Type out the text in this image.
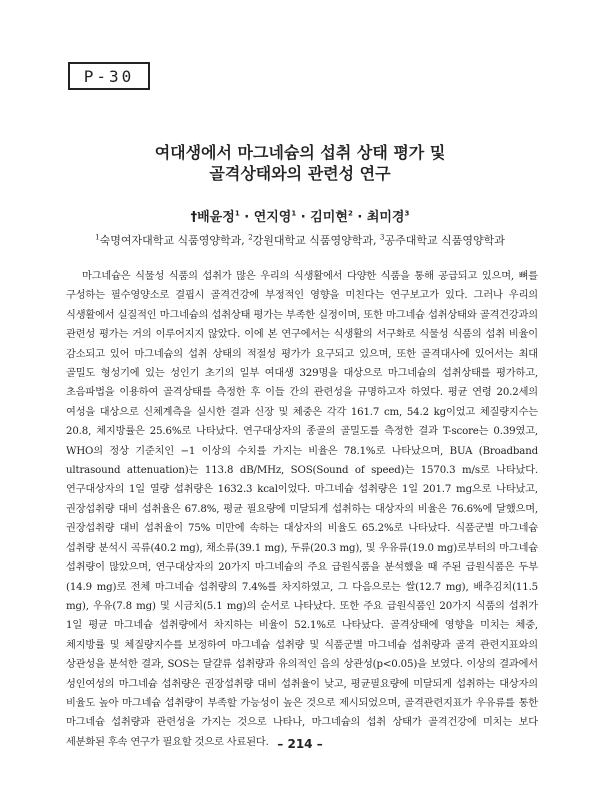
P-30
여대생에서 마그네슘의 섭취 상태 평가 및
골격상태와의 관련성 연구
†배윤정$^1$ · 연지영$^1$ · 김미현$^2$ · 최미경$^3$
$^1$숙명여자대학교 식품영양학과, $^2$강원대학교 식품영양학과, $^3$공주대학교 식품영양학과
마그네슘은 식물성 식품의 섭취가 많은 우리의 식생활에서 다양한 식품을 통해 공급되고 있으며, 뼈를 구성하는 필수영양소로 결핍시 골격건강에 부정적인 영향을 미친다는 연구보고가 있다. 그러나 우리의 식생활에서 실질적인 마그네슘의 섭취상태 평가는 부족한 실정이며, 또한 마그네슘 섭취상태와 골격건강과의 관련성 평가는 거의 이루어지지 않았다. 이에 본 연구에서는 식생활의 서구화로 식물성 식품의 섭취 비율이 감소되고 있어 마그네슘의 섭취 상태의 적절성 평가가 요구되고 있으며, 또한 골격대사에 있어서는 최대 골밀도 형성기에 있는 성인기 초기의 일부 여대생 329명을 대상으로 마그네슘의 섭취상태를 평가하고, 초음파법을 이용하여 골격상태를 측정한 후 이들 간의 관련성을 규명하고자 하였다. 평균 연령 20.2세의 여성을 대상으로 신체계측을 실시한 결과 신장 및 체중은 각각 161.7 cm, 54.2 kg이었고 체질량지수는 20.8, 체지방률은 25.6%로 나타났다. 연구대상자의 종골의 골밀도를 측정한 결과 T-score는 0.39였고, WHO의 정상 기준치인 −1 이상의 수치를 가지는 비율은 78.1%로 나타났으며, BUA (Broadband ultrasound attenuation)는 113.8 dB/MHz, SOS(Sound of speed)는 1570.3 m/s로 나타났다. 연구대상자의 1일 열량 섭취량은 1632.3 kcal이었다. 마그네슘 섭취량은 1일 201.7 mg으로 나타났고, 권장섭취량 대비 섭취율은 67.8%, 평균 필요량에 미달되게 섭취하는 대상자의 비율은 76.6%에 달했으며, 권장섭취량 대비 섭취율이 75% 미만에 속하는 대상자의 비율도 65.2%로 나타났다. 식품군별 마그네슘 섭취량 분석시 곡류(40.2 mg), 채소류(39.1 mg), 두류(20.3 mg), 및 우유류(19.0 mg)로부터의 마그네슘 섭취량이 많았으며, 연구대상자의 20가지 마그네슘의 주요 급원식품을 분석했을 때 주된 급원식품은 두부(14.9 mg)로 전체 마그네슘 섭취량의 7.4%를 차지하였고, 그 다음으로는 쌀(12.7 mg), 배추김치(11.5 mg), 우유(7.8 mg) 및 시금치(5.1 mg)의 순서로 나타났다. 또한 주요 급원식품인 20가지 식품의 섭취가 1일 평균 마그네슘 섭취량에서 차지하는 비율이 52.1%로 나타났다. 골격상태에 영향을 미치는 체중, 체지방률 및 체질량지수를 보정하여 마그네슘 섭취량 및 식품군별 마그네슘 섭취량과 골격 관련지표와의 상관성을 분석한 결과, SOS는 달걀류 섭취량과 유의적인 음의 상관성(p<0.05)을 보였다. 이상의 결과에서 성인여성의 마그네슘 섭취량은 권장섭취량 대비 섭취율이 낮고, 평균필요량에 미달되게 섭취하는 대상자의 비율도 높아 마그네슘 섭취량이 부족할 가능성이 높은 것으로 제시되었으며, 골격관련지표가 우유류를 통한 마그네슘 섭취량과 관련성을 가지는 것으로 나타나, 마그네슘의 섭취 상태가 골격건강에 미치는 보다 세분화된 후속 연구가 필요할 것으로 사료된다. – 214 –
